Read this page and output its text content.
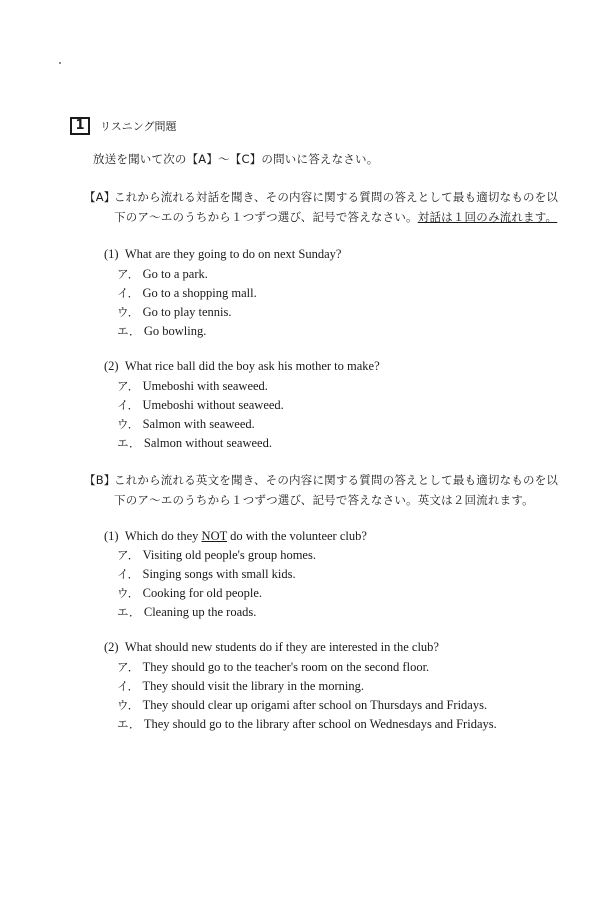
1	リスニング問題
放送を聞いて次の【A】～【C】の問いに答えなさい。
【A】
これから流れる対話を聞き、その内容に関する質問の答えとして最も適切なものを以
下のア～エのうちから１つずつ選び、記号で答えなさい。対話は１回のみ流れます。
(1) What are they going to do on next Sunday?
ア． Go to a park.
イ． Go to a shopping mall.
ウ． Go to play tennis.
エ． Go bowling.
(2) What rice ball did the boy ask his mother to make?
ア． Umeboshi with seaweed.
イ． Umeboshi without seaweed.
ウ． Salmon with seaweed.
エ． Salmon without seaweed.
【B】
これから流れる英文を聞き、その内容に関する質問の答えとして最も適切なものを以
下のア～エのうちから１つずつ選び、記号で答えなさい。英文は２回流れます。
(1) Which do they NOT do with the volunteer club?
ア． Visiting old people's group homes.
イ． Singing songs with small kids.
ウ． Cooking for old people.
エ． Cleaning up the roads.
(2) What should new students do if they are interested in the club?
ア． They should go to the teacher's room on the second floor.
イ． They should visit the library in the morning.
ウ． They should clear up origami after school on Thursdays and Fridays.
エ． They should go to the library after school on Wednesdays and Fridays.
